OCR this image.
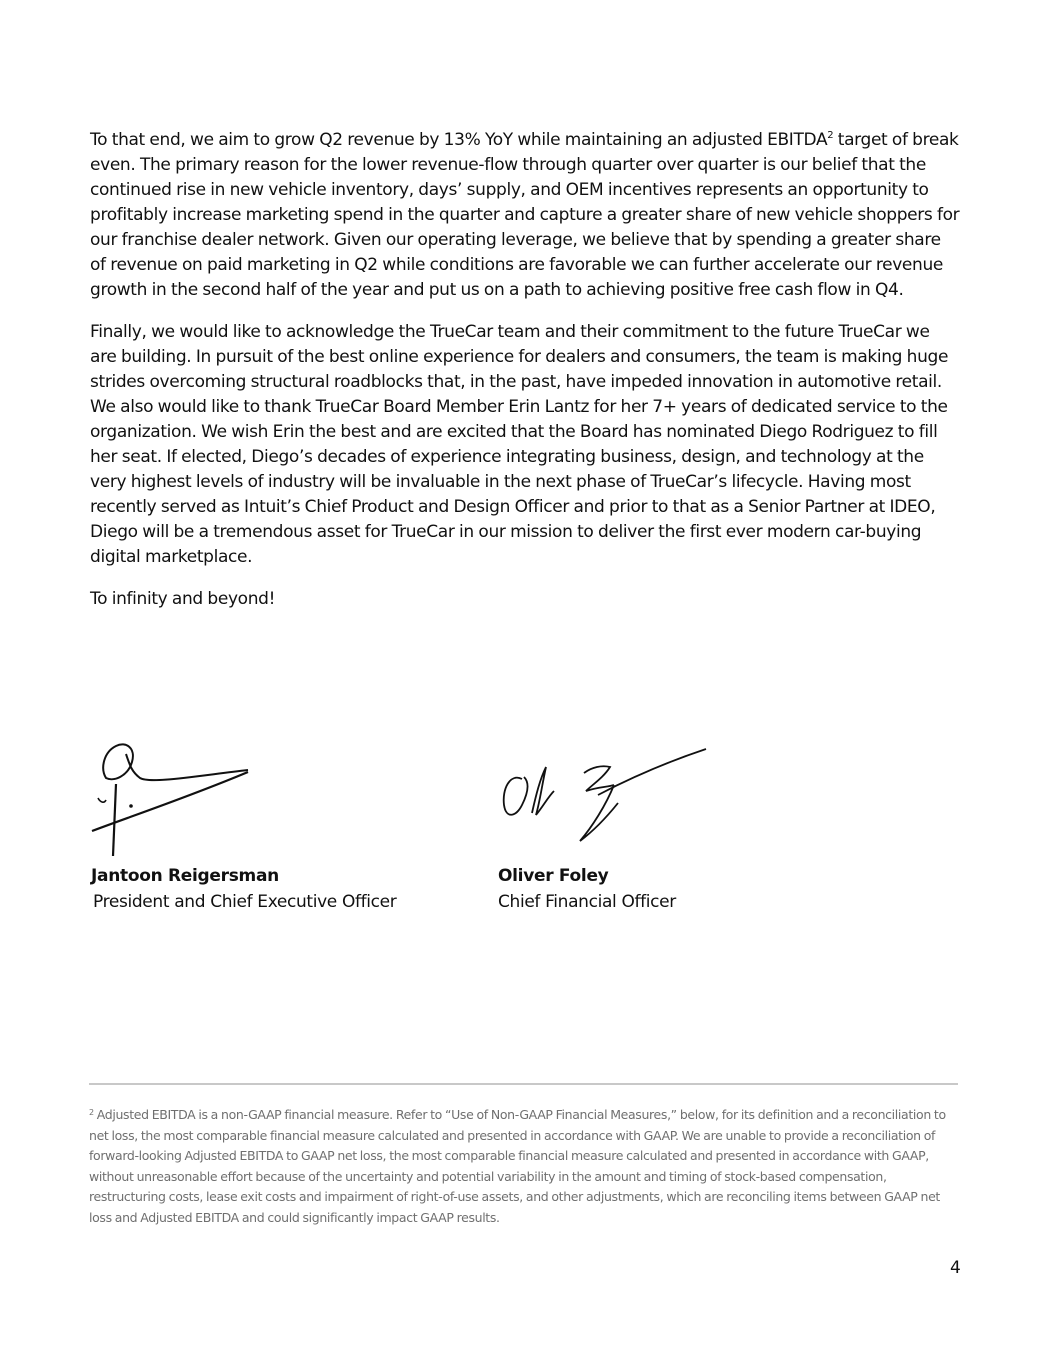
To that end, we aim to grow Q2 revenue by 13% YoY while maintaining an adjusted EBITDA$^2$ target of break even. The primary reason for the lower revenue-flow through quarter over quarter is our belief that the continued rise in new vehicle inventory, days’ supply, and OEM incentives represents an opportunity to profitably increase marketing spend in the quarter and capture a greater share of new vehicle shoppers for our franchise dealer network. Given our operating leverage, we believe that by spending a greater share of revenue on paid marketing in Q2 while conditions are favorable we can further accelerate our revenue growth in the second half of the year and put us on a path to achieving positive free cash flow in Q4.

Finally, we would like to acknowledge the TrueCar team and their commitment to the future TrueCar we are building. In pursuit of the best online experience for dealers and consumers, the team is making huge strides overcoming structural roadblocks that, in the past, have impeded innovation in automotive retail. We also would like to thank TrueCar Board Member Erin Lantz for her 7+ years of dedicated service to the organization. We wish Erin the best and are excited that the Board has nominated Diego Rodriguez to fill her seat. If elected, Diego’s decades of experience integrating business, design, and technology at the very highest levels of industry will be invaluable in the next phase of TrueCar’s lifecycle. Having most recently served as Intuit’s Chief Product and Design Officer and prior to that as a Senior Partner at IDEO, Diego will be a tremendous asset for TrueCar in our mission to deliver the first ever modern car-buying digital marketplace.

To infinity and beyond!

Jantoon Reigersman
President and Chief Executive Officer
Oliver Foley
Chief Financial Officer
$^2$ Adjusted EBITDA is a non-GAAP financial measure. Refer to “Use of Non-GAAP Financial Measures,” below, for its definition and a reconciliation to net loss, the most comparable financial measure calculated and presented in accordance with GAAP. We are unable to provide a reconciliation of forward-looking Adjusted EBITDA to GAAP net loss, the most comparable financial measure calculated and presented in accordance with GAAP, without unreasonable effort because of the uncertainty and potential variability in the amount and timing of stock-based compensation, restructuring costs, lease exit costs and impairment of right-of-use assets, and other adjustments, which are reconciling items between GAAP net loss and Adjusted EBITDA and could significantly impact GAAP results.
4
